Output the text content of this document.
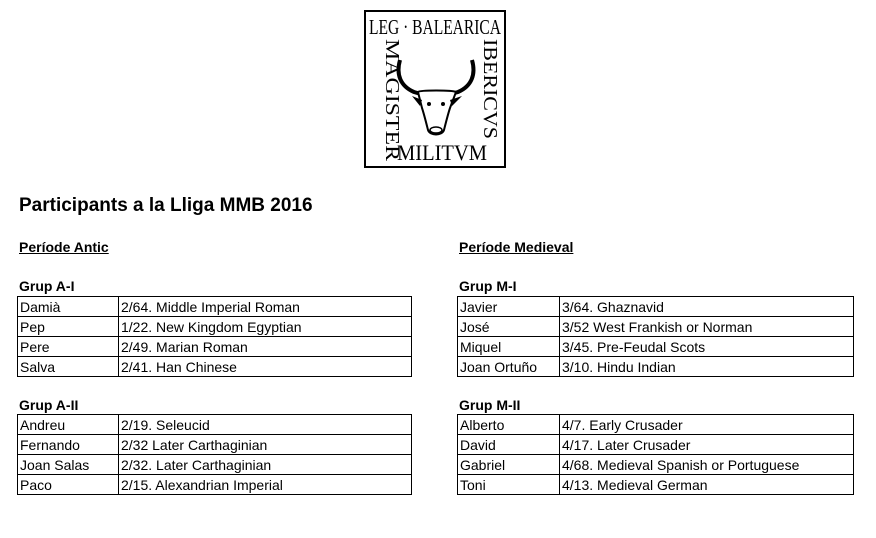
LEG · BALEARICA
MAGISTER	IBERICVS
MILITVM
Participants a la Lliga MMB 2016
Període Antic
Grup A-I
Damià	2/64. Middle Imperial Roman
Pep	1/22. New Kingdom Egyptian
Pere	2/49. Marian Roman
Salva	2/41. Han Chinese
Grup A-II
Andreu	2/19. Seleucid
Fernando	2/32 Later Carthaginian
Joan Salas	2/32. Later Carthaginian
Paco	2/15. Alexandrian Imperial
Període Medieval
Grup M-I
Javier	3/64. Ghaznavid
José	3/52 West Frankish or Norman
Miquel	3/45. Pre-Feudal Scots
Joan Ortuño	3/10. Hindu Indian
Grup M-II
Alberto	4/7. Early Crusader
David	4/17. Later Crusader
Gabriel	4/68. Medieval Spanish or Portuguese
Toni	4/13. Medieval German
